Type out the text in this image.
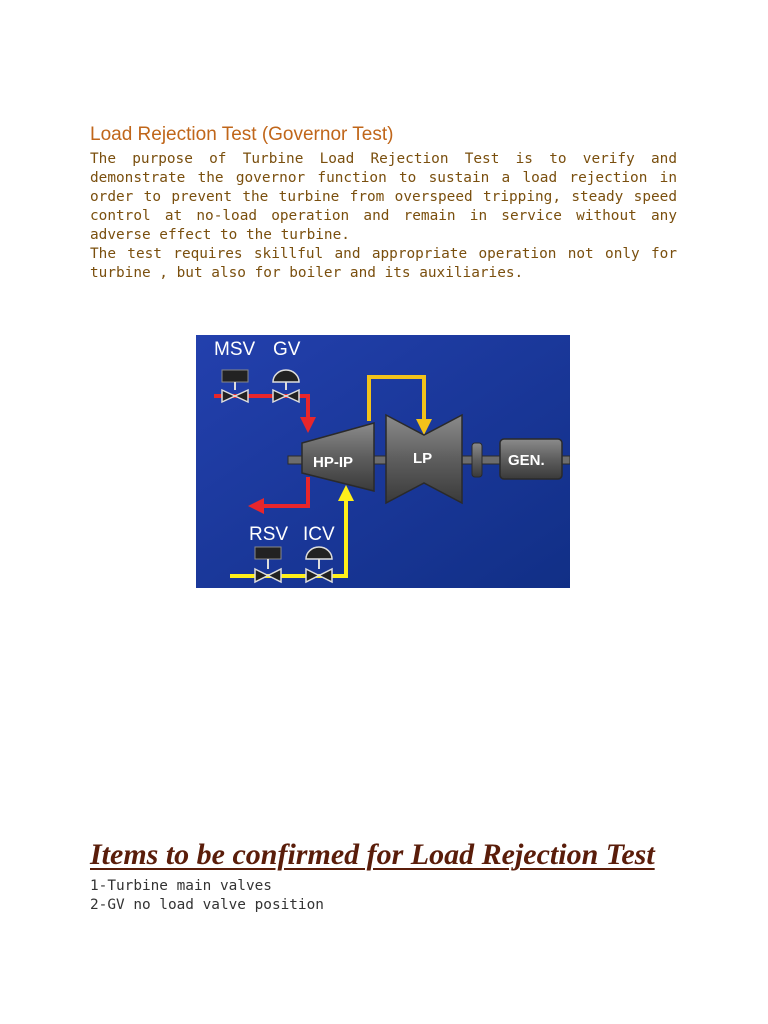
Load Rejection Test (Governor Test)
The purpose of Turbine Load Rejection Test is to verify and
demonstrate the governor function to sustain a load rejection in
order to prevent the turbine from overspeed tripping, steady speed
control at no-load operation and remain in service without any
adverse effect to the turbine.
The test requires skillful and appropriate operation not only for
turbine , but also for boiler and its auxiliaries.
MSV GV
RSV ICV
HP-IP	LP	GEN.
Items to be confirmed for Load Rejection Test
1-Turbine main valves
2-GV no load valve position
